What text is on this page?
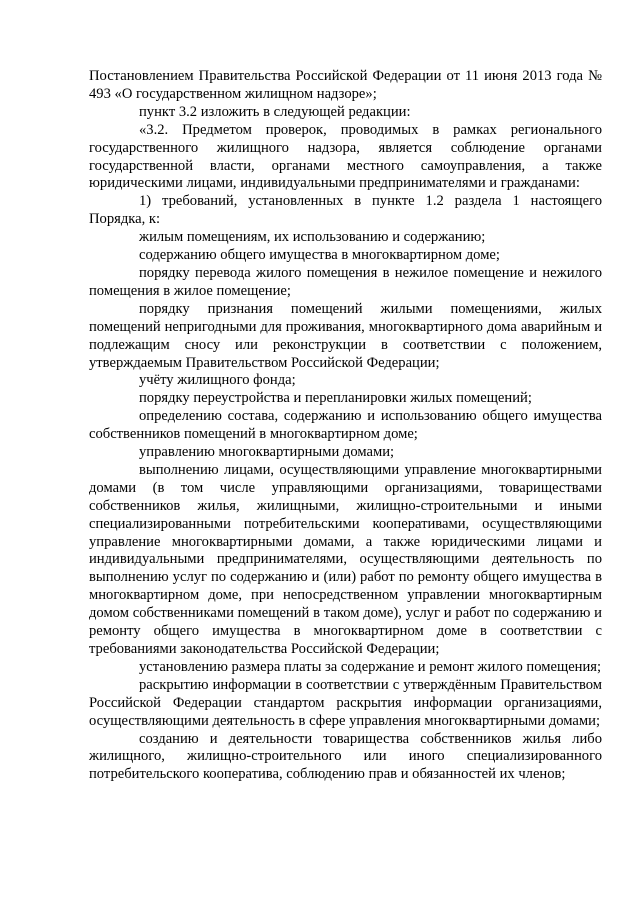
Постановлением Правительства Российской Федерации от 11 июня 2013 года № 493 «О государственном жилищном надзоре»;

пункт 3.2 изложить в следующей редакции:

«3.2. Предметом проверок, проводимых в рамках регионального государственного жилищного надзора, является соблюдение органами государственной власти, органами местного самоуправления, а также юридическими лицами, индивидуальными предпринимателями и гражданами:

1) требований, установленных в пункте 1.2 раздела 1 настоящего Порядка, к:

жилым помещениям, их использованию и содержанию;

содержанию общего имущества в многоквартирном доме;

порядку перевода жилого помещения в нежилое помещение и нежилого помещения в жилое помещение;

порядку признания помещений жилыми помещениями, жилых помещений непригодными для проживания, многоквартирного дома аварийным и подлежащим сносу или реконструкции в соответствии с положением, утверждаемым Правительством Российской Федерации;

учёту жилищного фонда;

порядку переустройства и перепланировки жилых помещений;

определению состава, содержанию и использованию общего имущества собственников помещений в многоквартирном доме;

управлению многоквартирными домами;

выполнению лицами, осуществляющими управление многоквартирными домами (в том числе управляющими организациями, товариществами собственников жилья, жилищными, жилищно-строительными и иными специализированными потребительскими кооперативами, осуществляющими управление многоквартирными домами, а также юридическими лицами и индивидуальными предпринимателями, осуществляющими деятельность по выполнению услуг по содержанию и (или) работ по ремонту общего имущества в многоквартирном доме, при непосредственном управлении многоквартирным домом собственниками помещений в таком доме), услуг и работ по содержанию и ремонту общего имущества в многоквартирном доме в соответствии с требованиями законодательства Российской Федерации;

установлению размера платы за содержание и ремонт жилого помещения;

раскрытию информации в соответствии с утверждённым Правительством Российской Федерации стандартом раскрытия информации организациями, осуществляющими деятельность в сфере управления многоквартирными домами;

созданию и деятельности товарищества собственников жилья либо жилищного, жилищно-строительного или иного специализированного потребительского кооператива, соблюдению прав и обязанностей их членов;
